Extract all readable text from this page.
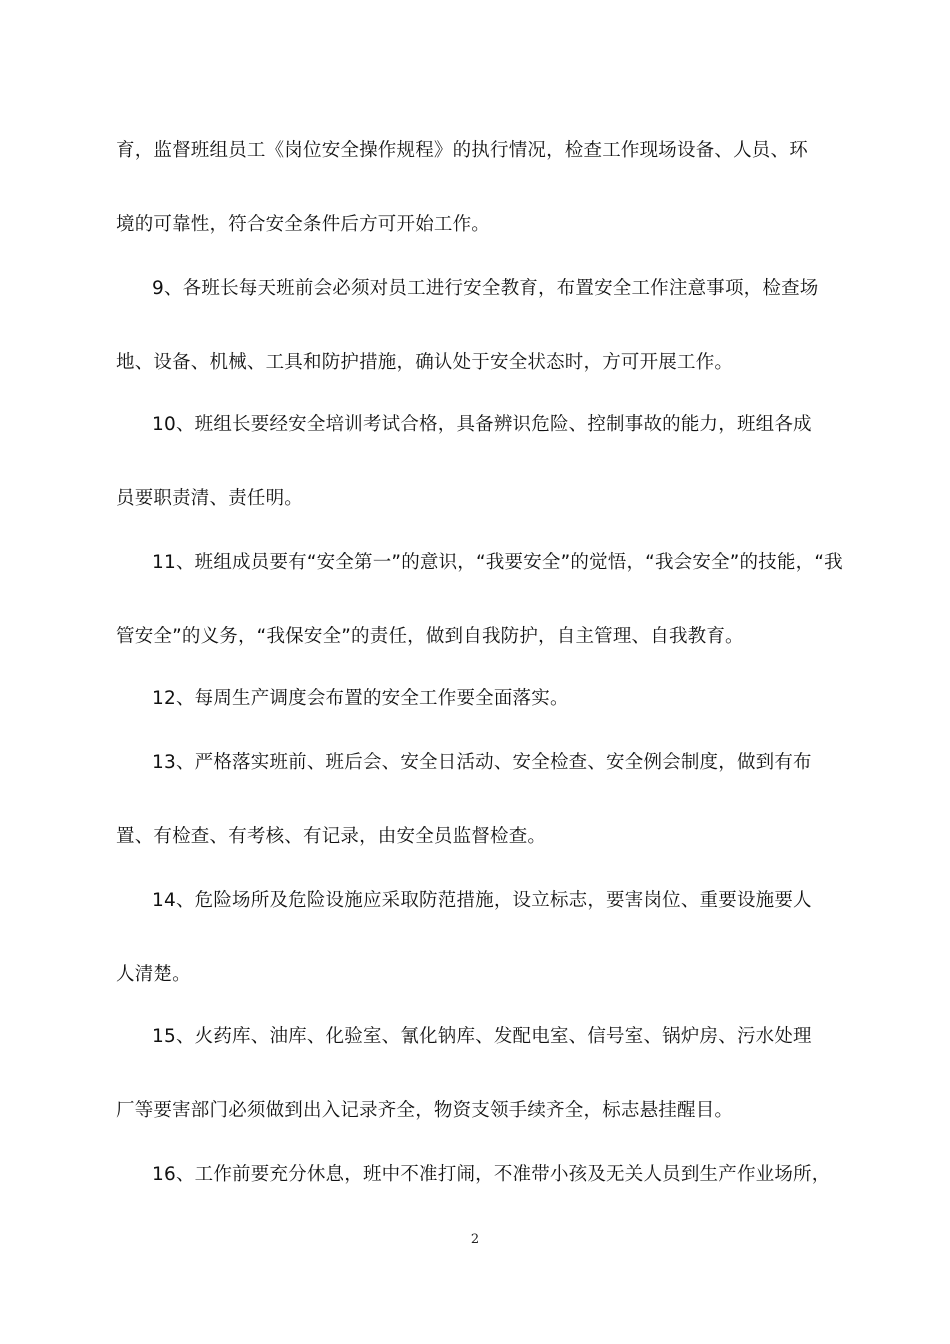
育，监督班组员工《岗位安全操作规程》的执行情况，检查工作现场设备、人员、环
境的可靠性，符合安全条件后方可开始工作。
9、各班长每天班前会必须对员工进行安全教育，布置安全工作注意事项，检查场
地、设备、机械、工具和防护措施，确认处于安全状态时，方可开展工作。
10、班组长要经安全培训考试合格，具备辨识危险、控制事故的能力，班组各成
员要职责清、责任明。
11、班组成员要有“安全第一”的意识，“我要安全”的觉悟，“我会安全”的技能，“我
管安全”的义务，“我保安全”的责任，做到自我防护，自主管理、自我教育。
12、每周生产调度会布置的安全工作要全面落实。
13、严格落实班前、班后会、安全日活动、安全检查、安全例会制度，做到有布
置、有检查、有考核、有记录，由安全员监督检查。
14、危险场所及危险设施应采取防范措施，设立标志，要害岗位、重要设施要人
人清楚。
15、火药库、油库、化验室、氰化钠库、发配电室、信号室、锅炉房、污水处理
厂等要害部门必须做到出入记录齐全，物资支领手续齐全，标志悬挂醒目。
16、工作前要充分休息，班中不准打闹，不准带小孩及无关人员到生产作业场所，
2
